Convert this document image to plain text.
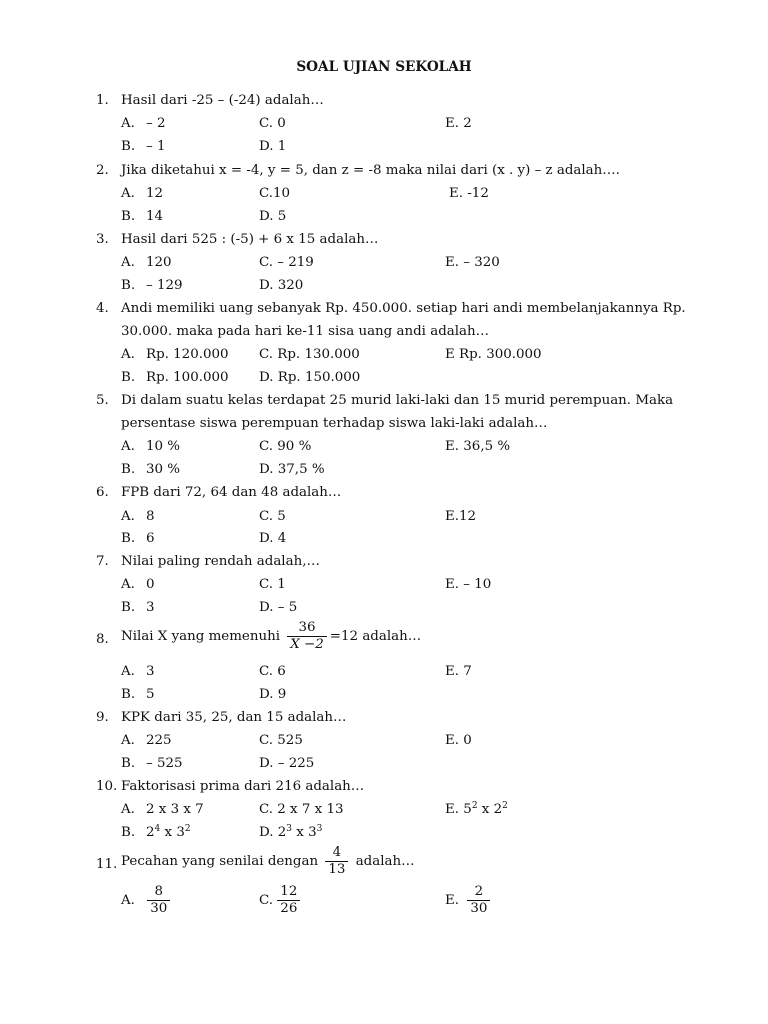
SOAL UJIAN SEKOLAH
1. Hasil dari -25 – (-24) adalah…
A. – 2	C. 0	E. 2
B. – 1	D. 1
2. Jika diketahui x = -4, y = 5, dan z = -8 maka nilai dari (x . y) – z adalah….
A. 12	C.10	E. -12
B. 14	D. 5
3. Hasil dari 525 : (-5) + 6 x 15 adalah…
A. 120	C. – 219	E. – 320
B. – 129	D. 320
4. Andi memiliki uang sebanyak Rp. 450.000. setiap hari andi membelanjakannya Rp.
30.000. maka pada hari ke-11 sisa uang andi adalah…
A. Rp. 120.000 C. Rp. 130.000	E Rp. 300.000
B. Rp. 100.000 D. Rp. 150.000
5. Di dalam suatu kelas terdapat 25 murid laki-laki dan 15 murid perempuan. Maka
persentase siswa perempuan terhadap siswa laki-laki adalah…
A. 10 %	C. 90 %	E. 36,5 %
B. 30 %	D. 37,5 %
6. FPB dari 72, 64 dan 48 adalah…
A. 8	C. 5	E.12
B. 6	D. 4
7. Nilai paling rendah adalah,…
A. 0	C. 1	E. – 10
B. 3	D. – 5
8. Nilai X yang memenuhi $\frac{36}{X -2} =12$ adalah…
A. 3	C. 6	E. 7
B. 5	D. 9
9. KPK dari 35, 25, dan 15 adalah…
A. 225	C. 525	E. 0
B. – 525	D. – 225
10. Faktorisasi prima dari 216 adalah…
A. 2 x 3 x 7	C. 2 x 7 x 13	E. $5^2$ x $2^2$
B. $2^4$ x $3^2$	D. $2^3$ x $3^3$
11. Pecahan yang senilai dengan $\frac{4}{13}$ adalah…
A. $\frac{8}{30}$	C. $\frac{12}{26}$	E. $\frac{2}{30}$
